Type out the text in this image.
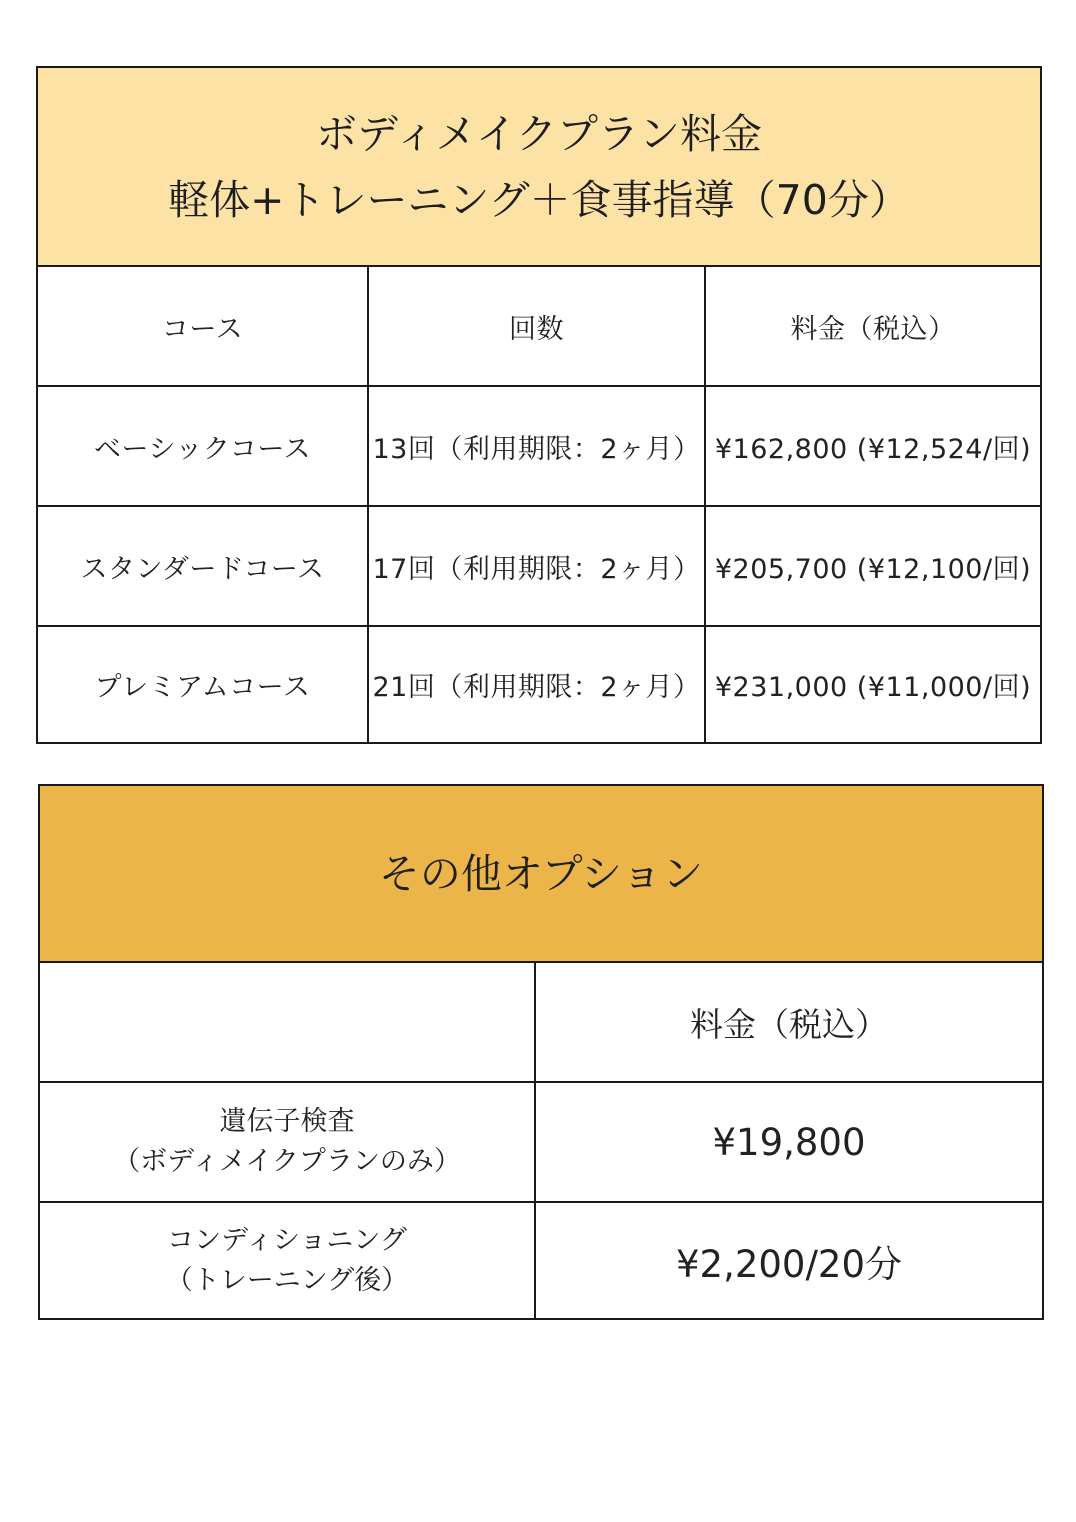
ボディメイクプラン料金
軽体+トレーニング＋食事指導（70分）
コース	回数	料金（税込）
ベーシックコース	13回（利用期限：2ヶ月） ¥162,800 (¥12,524/回)
スタンダードコース	17回（利用期限：2ヶ月） ¥205,700 (¥12,100/回)
プレミアムコース	21回（利用期限：2ヶ月） ¥231,000 (¥11,000/回)
その他オプション
料金（税込）
遺伝子検査
（ボディメイクプランのみ）	¥19,800
コンディショニング
（トレーニング後）	¥2,200/20分
